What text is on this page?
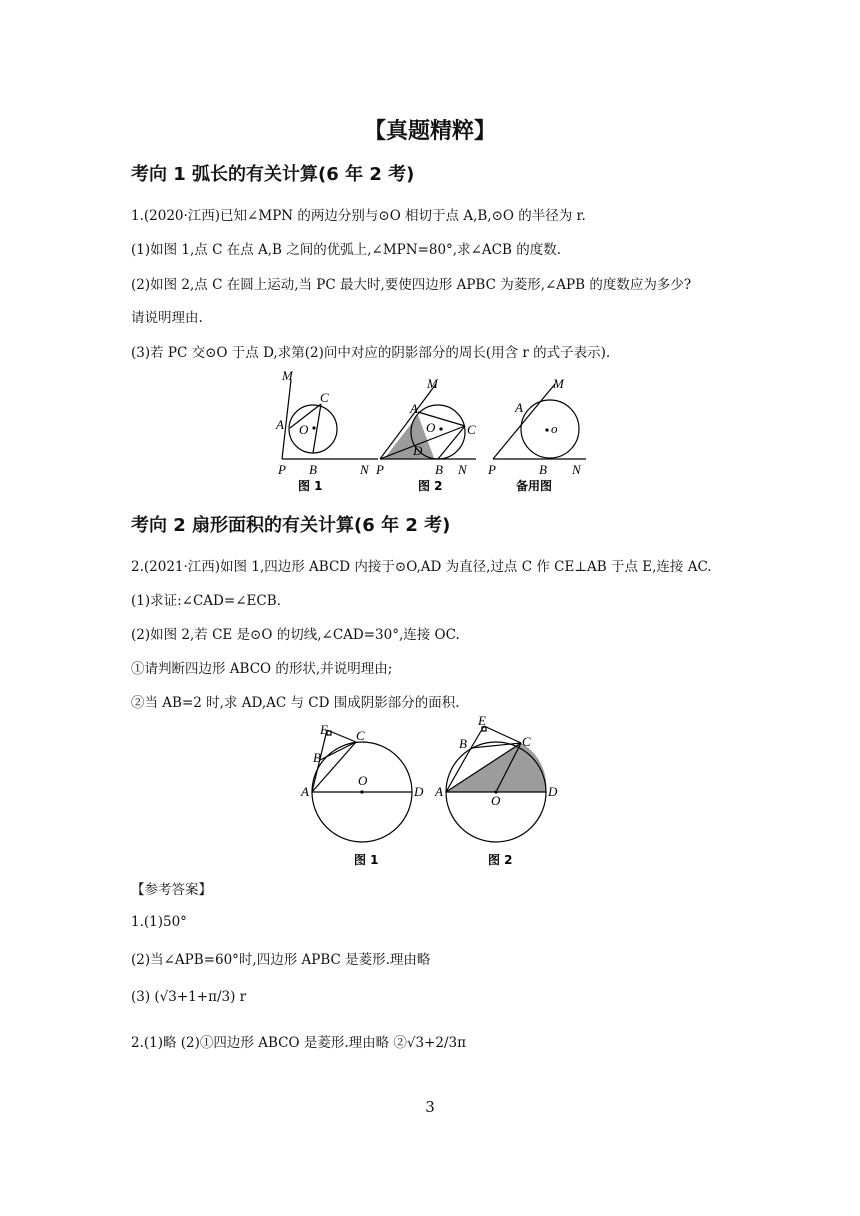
【真题精粹】
考向 1 弧长的有关计算(6 年 2 考)
1.(2020·江西)已知∠MPN 的两边分别与⊙O 相切于点 A,B,⊙O 的半径为 r.
(1)如图 1,点 C 在点 A,B 之间的优弧上,∠MPN=80°,求∠ACB 的度数.
(2)如图 2,点 C 在圆上运动,当 PC 最大时,要使四边形 APBC 为菱形,∠APB 的度数应为多少?
请说明理由.
(3)若 PC 交⊙O 于点 D,求第(2)问中对应的阴影部分的周长(用含 r 的式子表示).
M
C
A O
P B	N
M
A
O C
D
P	B N
M
A
o
P	B N
图 1	图 2	备用图
考向 2 扇形面积的有关计算(6 年 2 考)
2.(2021·江西)如图 1,四边形 ABCD 内接于⊙O,AD 为直径,过点 C 作 CE⊥AB 于点 E,连接 AC.
(1)求证:∠CAD=∠ECB.
(2)如图 2,若 CE 是⊙O 的切线,∠CAD=30°,连接 OC.
①请判断四边形 ABCO 的形状,并说明理由;
②当 AB=2 时,求 AD,AC 与 CD 围成阴影部分的面积.
E C
B
O
A	D
E
B	C
O
A	D
图 1	图 2
【参考答案】
1.(1)50°
(2)当∠APB=60°时,四边形 APBC 是菱形.理由略
(3) (√3+1+π/3) r
2.(1)略 (2)①四边形 ABCO 是菱形.理由略 ②√3+2/3π
3
